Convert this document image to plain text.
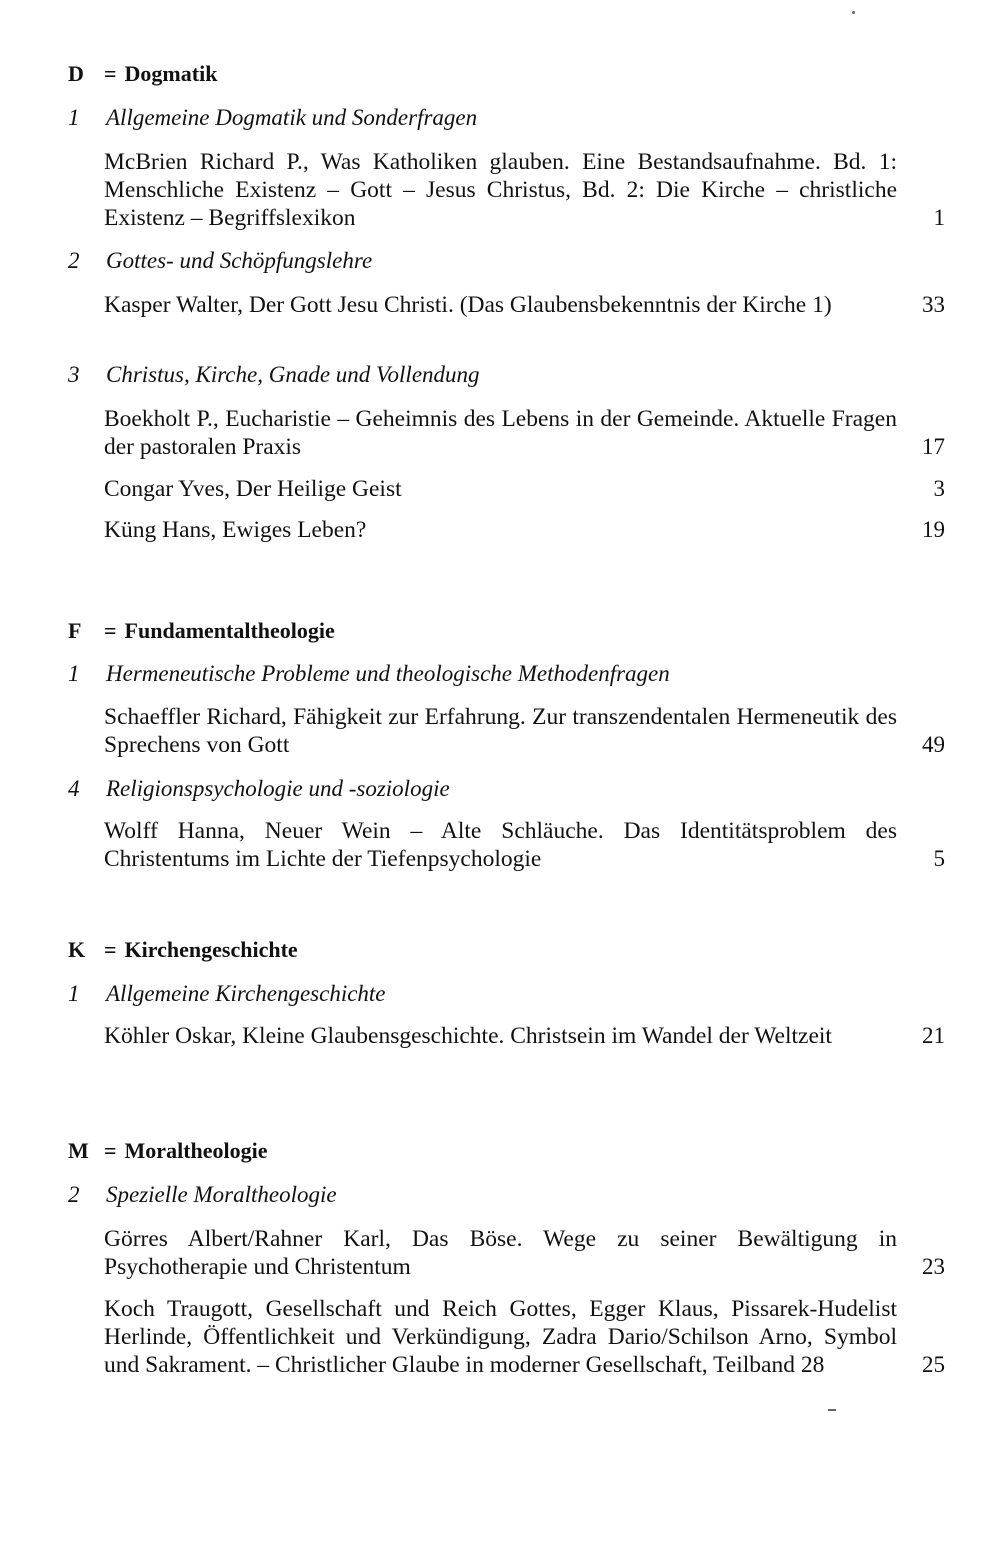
D = Dogmatik
1 Allgemeine Dogmatik und Sonderfragen
McBrien Richard P., Was Katholiken glauben. Eine Bestandsaufnahme. Bd. 1: Menschliche Existenz – Gott – Jesus Christus, Bd. 2: Die Kirche – christliche Existenz – Begriffslexikon	1
2 Gottes- und Schöpfungslehre
Kasper Walter, Der Gott Jesu Christi. (Das Glaubensbekenntnis der Kirche 1)	33
3 Christus, Kirche, Gnade und Vollendung
Boekholt P., Eucharistie – Geheimnis des Lebens in der Gemeinde. Aktuelle Fragen der pastoralen Praxis	17
Congar Yves, Der Heilige Geist	3
Küng Hans, Ewiges Leben?	19
F = Fundamentaltheologie
1 Hermeneutische Probleme und theologische Methodenfragen
Schaeffler Richard, Fähigkeit zur Erfahrung. Zur transzendentalen Hermeneutik des Sprechens von Gott	49
4 Religionspsychologie und -soziologie
Wolff Hanna, Neuer Wein – Alte Schläuche. Das Identitätsproblem des Christentums im Lichte der Tiefenpsychologie	5
K = Kirchengeschichte
1 Allgemeine Kirchengeschichte
Köhler Oskar, Kleine Glaubensgeschichte. Christsein im Wandel der Weltzeit	21
M = Moraltheologie
2 Spezielle Moraltheologie
Görres Albert/Rahner Karl, Das Böse. Wege zu seiner Bewältigung in Psychotherapie und Christentum	23
Koch Traugott, Gesellschaft und Reich Gottes, Egger Klaus, Pissarek-Hudelist Herlinde, Öffentlichkeit und Verkündigung, Zadra Dario/Schilson Arno, Symbol und Sakrament. – Christlicher Glaube in moderner Gesellschaft, Teilband 28	25
